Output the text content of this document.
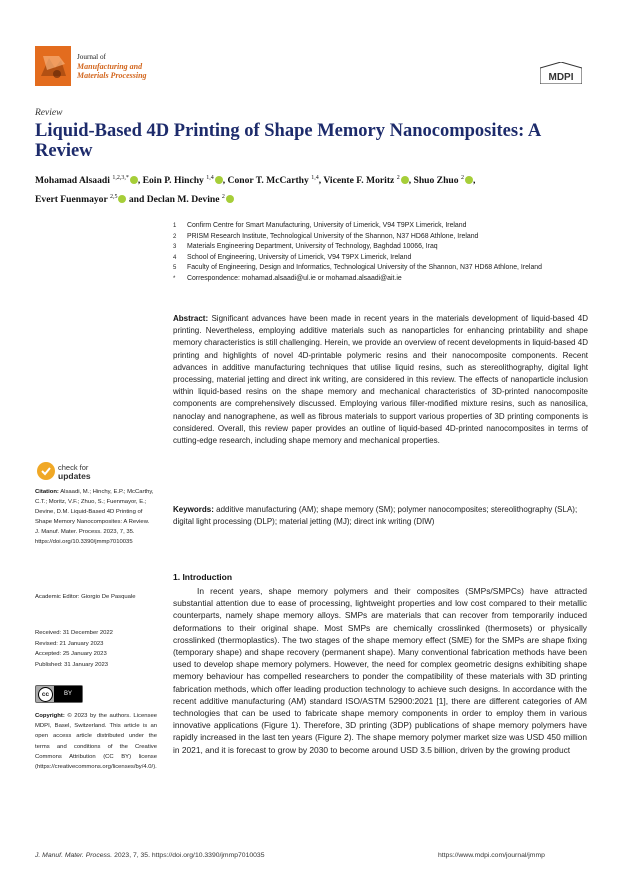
Journal of
Manufacturing and
Materials Processing	MDPI
Review
Liquid-Based 4D Printing of Shape Memory Nanocomposites: A Review
Mohamad Alsaadi $^{1,2,3,*}$ , Eoin P. Hinchy $^{1,4}$ , Conor T. McCarthy $^{1,4}$, Vicente F. Moritz $^2$ , Shuo Zhuo $^2$ ,
Evert Fuenmayor $^{2,5}$ and Declan M. Devine $^2$
1	Confirm Centre for Smart Manufacturing, University of Limerick, V94 T9PX Limerick, Ireland
2	PRISM Research Institute, Technological University of the Shannon, N37 HD68 Athlone, Ireland
3	Materials Engineering Department, University of Technology, Baghdad 10066, Iraq
4	School of Engineering, University of Limerick, V94 T9PX Limerick, Ireland
5	Faculty of Engineering, Design and Informatics, Technological University of the Shannon, N37 HD68 Athlone, Ireland
*	Correspondence: mohamad.alsaadi@ul.ie or mohamad.alsaadi@ait.ie
Abstract: Significant advances have been made in recent years in the materials development of liquid-based 4D printing. Nevertheless, employing additive materials such as nanoparticles for enhancing printability and shape memory characteristics is still challenging. Herein, we provide an overview of recent developments in liquid-based 4D printing and highlights of novel 4D-printable polymeric resins and their nanocomposite components. Recent advances in additive manufacturing techniques that utilise liquid resins, such as stereolithography, digital light processing, material jetting and direct ink writing, are considered in this review. The effects of nanoparticle inclusion within liquid-based resins on the shape memory and mechanical characteristics of 3D-printed nanocomposite components are comprehensively discussed. Employing various filler-modified mixture resins, such as nanosilica, nanoclay and nanographene, as well as fibrous materials to support various properties of 3D printing components is considered. Overall, this review paper provides an outline of liquid-based 4D-printed nanocomposites in terms of cutting-edge research, including shape memory and mechanical properties.
Keywords: additive manufacturing (AM); shape memory (SM); polymer nanocomposites; stereolithography (SLA); digital light processing (DLP); material jetting (MJ); direct ink writing (DIW)
check for
updates
Citation: Alsaadi, M.; Hinchy, E.P.; McCarthy, C.T.; Moritz, V.F.; Zhuo, S.; Fuenmayor, E.; Devine, D.M. Liquid-Based 4D Printing of Shape Memory Nanocomposites: A Review. J. Manuf. Mater. Process. 2023, 7, 35. https://doi.org/10.3390/jmmp7010035
Academic Editor: Giorgio De Pasquale
Received: 31 December 2022
Revised: 21 January 2023
Accepted: 25 January 2023
Published: 31 January 2023
cc	BY
Copyright: © 2023 by the authors. Licensee MDPI, Basel, Switzerland. This article is an open access article distributed under the terms and conditions of the Creative Commons Attribution (CC BY) license (https://creativecommons.org/licenses/by/4.0/).
1. Introduction
In recent years, shape memory polymers and their composites (SMPs/SMPCs) have attracted substantial attention due to ease of processing, lightweight properties and low cost compared to their metallic counterparts, namely shape memory alloys. SMPs are materials that can recover from temporarily induced deformations to their original shape. Most SMPs are chemically crosslinked (thermosets) or physically crosslinked (thermoplastics). The two stages of the shape memory effect (SME) for the SMPs are shape fixing (temporary shape) and shape recovery (permanent shape). Many conventional fabrication methods have been used to develop shape memory polymers. However, the need for complex geometric designs exhibiting shape memory behaviour has compelled researchers to ponder the compatibility of these materials with 3D printing fabrication methods, which offer leading production technology to achieve such designs. In accordance with the recent additive manufacturing (AM) standard ISO/ASTM 52900:2021 [1], there are different categories of AM technologies that can be used to fabricate shape memory components in order to employ them in various innovative applications (Figure 1). Therefore, 3D printing (3DP) publications of shape memory polymers have rapidly increased in the last ten years (Figure 2). The shape memory polymer market size was USD 450 million in 2021, and it is forecast to grow by 2030 to become around USD 3.5 billion, driven by the growing product
J. Manuf. Mater. Process. 2023, 7, 35. https://doi.org/10.3390/jmmp7010035	https://www.mdpi.com/journal/jmmp
